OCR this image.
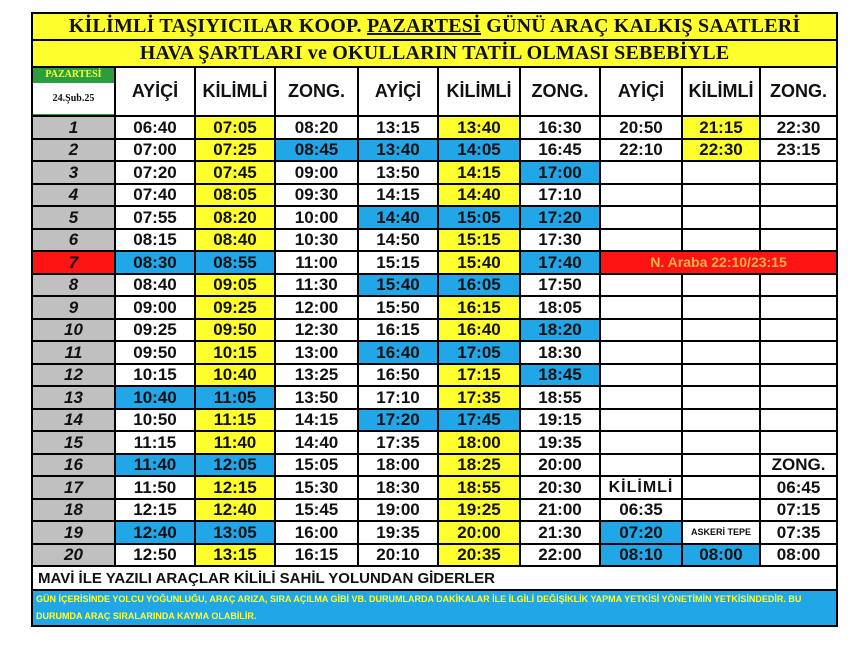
KİLİMLİ TAŞIYICILAR KOOP. PAZARTESİ GÜNÜ ARAÇ KALKIŞ SAATLERİ									
HAVA ŞARTLARI ve OKULLARIN TATİL OLMASI SEBEBİYLE									
PAZARTESİ
24.Şub.25	AYİÇİ	KİLİMLİ	ZONG.	AYİÇİ	KİLİMLİ	ZONG.	AYİÇİ	KİLİMLİ	ZONG.
1	06:40	07:05	08:20	13:15	13:40	16:30	20:50	21:15	22:30
2	07:00	07:25	08:45	13:40	14:05	16:45	22:10	22:30	23:15
3	07:20	07:45	09:00	13:50	14:15	17:00			
4	07:40	08:05	09:30	14:15	14:40	17:10			
5	07:55	08:20	10:00	14:40	15:05	17:20			
6	08:15	08:40	10:30	14:50	15:15	17:30			
7	08:30	08:55	11:00	15:15	15:40	17:40	N. Araba 22:10/23:15		
8	08:40	09:05	11:30	15:40	16:05	17:50			
9	09:00	09:25	12:00	15:50	16:15	18:05			
10	09:25	09:50	12:30	16:15	16:40	18:20			
11	09:50	10:15	13:00	16:40	17:05	18:30			
12	10:15	10:40	13:25	16:50	17:15	18:45			
13	10:40	11:05	13:50	17:10	17:35	18:55			
14	10:50	11:15	14:15	17:20	17:45	19:15			
15	11:15	11:40	14:40	17:35	18:00	19:35			
16	11:40	12:05	15:05	18:00	18:25	20:00			ZONG.
17	11:50	12:15	15:30	18:30	18:55	20:30	KİLİMLİ		06:45
18	12:15	12:40	15:45	19:00	19:25	21:00	06:35		07:15
19	12:40	13:05	16:00	19:35	20:00	21:30	07:20	ASKERİ TEPE	07:35
20	12:50	13:15	16:15	20:10	20:35	22:00	08:10	08:00	08:00
MAVİ İLE YAZILI ARAÇLAR KİLİLİ SAHİL YOLUNDAN GİDERLER									
GÜN İÇERİSİNDE YOLCU YOĞUNLUĞU, ARAÇ ARIZA, SIRA AÇILMA GİBİ VB. DURUMLARDA DAKİKALAR İLE İLGİLİ DEĞİŞİKLİK YAPMA YETKİSİ YÖNETİMİN YETKİSİNDEDİR. BU DURUMDA ARAÇ SIRALARINDA KAYMA OLABİLİR.									
